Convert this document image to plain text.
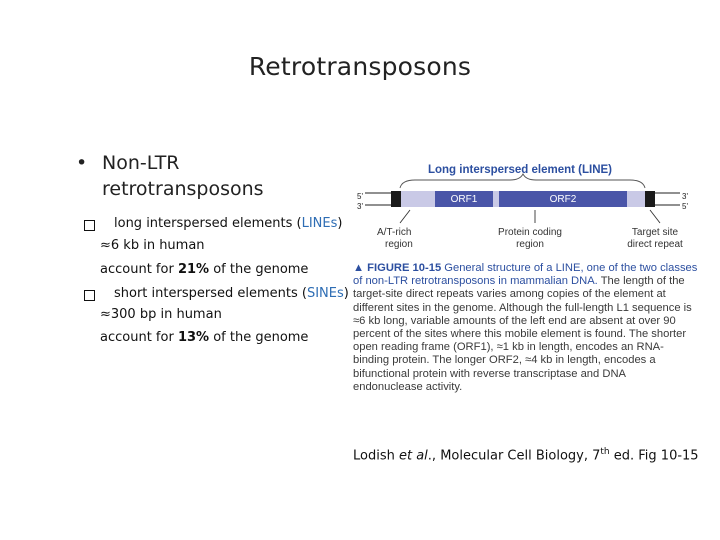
Retrotransposons
• Non-LTR retrotransposons
long interspersed elements (LINEs)
≈6 kb in human
account for 21% of the genome
short interspersed elements (SINEs)
≈300 bp in human
account for 13% of the genome
Long interspersed element (LINE)
5'
3'
3'
5'
ORF1	ORF2
A/T-rich
region
Protein coding
region
Target site
direct repeat
▲ FIGURE 10-15 General structure of a LINE, one of the two classes of non-LTR retrotransposons in mammalian DNA. The length of the target-site direct repeats varies among copies of the element at different sites in the genome. Although the full-length L1 sequence is ≈6 kb long, variable amounts of the left end are absent at over 90 percent of the sites where this mobile element is found. The shorter open reading frame (ORF1), ≈1 kb in length, encodes an RNA-binding protein. The longer ORF2, ≈4 kb in length, encodes a bifunctional protein with reverse transcriptase and DNA endonuclease activity.
Lodish et al., Molecular Cell Biology, 7th ed. Fig 10-15
